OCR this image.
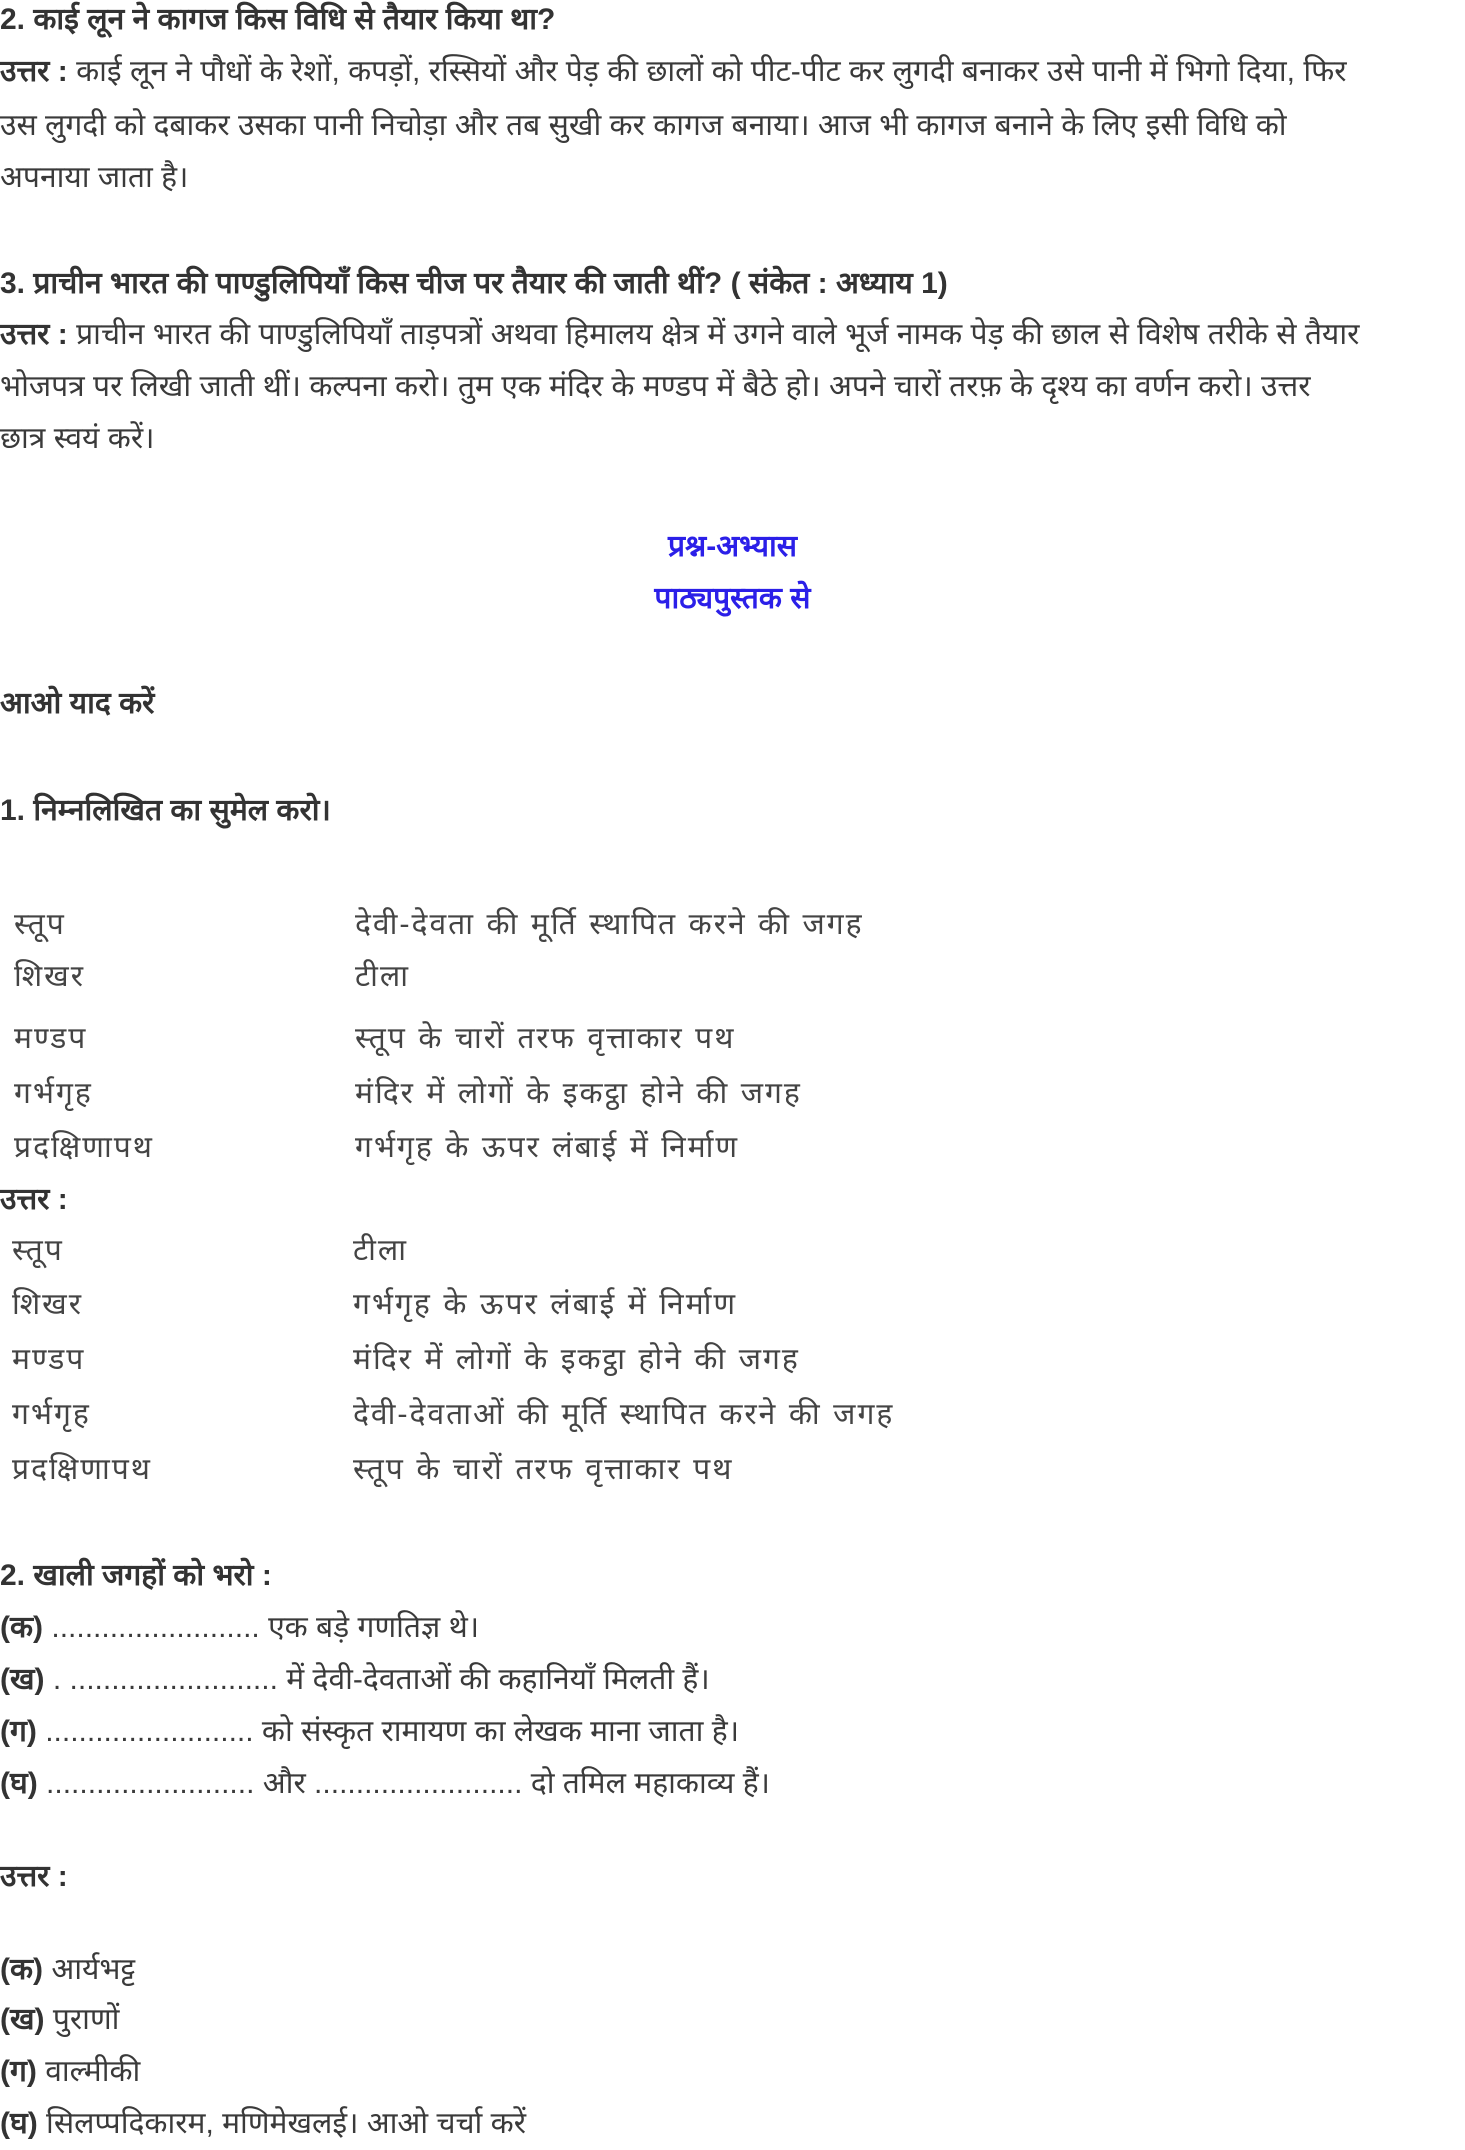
2. काई लून ने कागज किस विधि से तैयार किया था?
उत्तर : काई लून ने पौधों के रेशों, कपड़ों, रस्सियों और पेड़ की छालों को पीट-पीट कर लुगदी बनाकर उसे पानी में भिगो दिया, फिर
उस लुगदी को दबाकर उसका पानी निचोड़ा और तब सुखी कर कागज बनाया। आज भी कागज बनाने के लिए इसी विधि को
अपनाया जाता है।
3. प्राचीन भारत की पाण्डुलिपियाँ किस चीज पर तैयार की जाती थीं? ( संकेत : अध्याय 1)
उत्तर : प्राचीन भारत की पाण्डुलिपियाँ ताड़पत्रों अथवा हिमालय क्षेत्र में उगने वाले भूर्ज नामक पेड़ की छाल से विशेष तरीके से तैयार
भोजपत्र पर लिखी जाती थीं। कल्पना करो। तुम एक मंदिर के मण्डप में बैठे हो। अपने चारों तरफ़ के दृश्य का वर्णन करो। उत्तर
छात्र स्वयं करें।
प्रश्न-अभ्यास
पाठ्यपुस्तक से
आओ याद करें
1. निम्नलिखित का सुमेल करो।
स्तूप	देवी-देवता की मूर्ति स्थापित करने की जगह
शिखर	टीला
मण्डप	स्तूप के चारों तरफ वृत्ताकार पथ
गर्भगृह	मंदिर में लोगों के इकट्ठा होने की जगह
प्रदक्षिणापथ	गर्भगृह के ऊपर लंबाई में निर्माण
उत्तर :
स्तूप	टीला
शिखर	गर्भगृह के ऊपर लंबाई में निर्माण
मण्डप	मंदिर में लोगों के इकट्ठा होने की जगह
गर्भगृह	देवी-देवताओं की मूर्ति स्थापित करने की जगह
प्रदक्षिणापथ	स्तूप के चारों तरफ वृत्ताकार पथ
2. खाली जगहों को भरो :
(क) ......................... एक बड़े गणतिज्ञ थे।
(ख) . ......................... में देवी-देवताओं की कहानियाँ मिलती हैं।
(ग) ......................... को संस्कृत रामायण का लेखक माना जाता है।
(घ) ......................... और ......................... दो तमिल महाकाव्य हैं।
उत्तर :
(क) आर्यभट्ट
(ख) पुराणों
(ग) वाल्मीकी
(घ) सिलप्पदिकारम, मणिमेखलई। आओ चर्चा करें
